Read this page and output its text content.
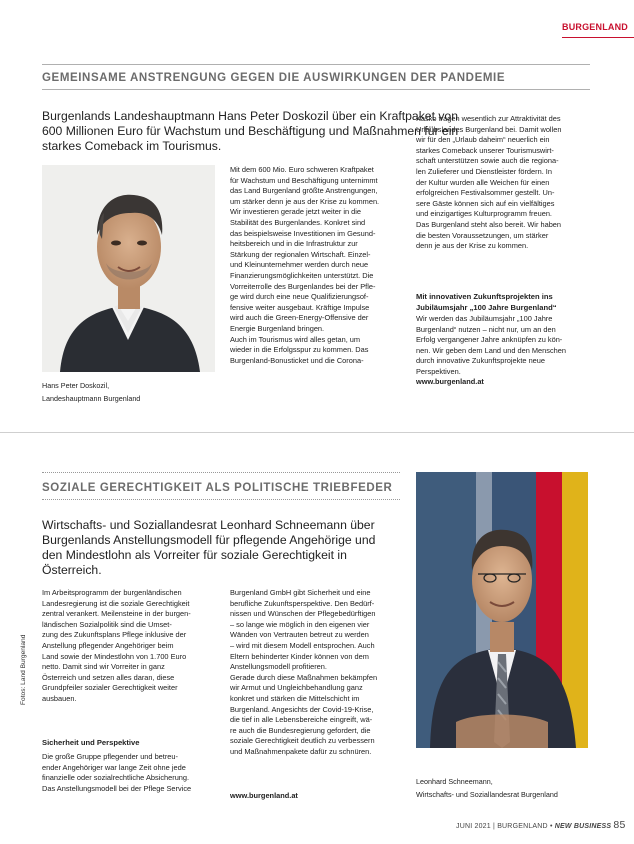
BURGENLAND
GEMEINSAME ANSTRENGUNG GEGEN DIE AUSWIRKUNGEN DER PANDEMIE
Burgenlands Landeshauptmann Hans Peter Doskozil über ein Kraftpaket von 600 Millionen Euro für Wachstum und Beschäftigung und Maßnahmen für ein starkes Comeback im Tourismus.
Hans Peter Doskozil,
Landeshauptmann Burgenland
Mit dem 600 Mio. Euro schweren Kraftpaket
für Wachstum und Beschäftigung unternimmt
das Land Burgenland größte Anstrengungen,
um stärker denn je aus der Krise zu kommen.
Wir investieren gerade jetzt weiter in die
Stabilität des Burgenlandes. Konkret sind
das beispielsweise Investitionen im Gesund-
heitsbereich und in die Infrastruktur zur
Stärkung der regionalen Wirtschaft. Einzel-
und Kleinunternehmer werden durch neue
Finanzierungsmöglichkeiten unterstützt. Die
Vorreiterrolle des Burgenlandes bei der Pfle-
ge wird durch eine neue Qualifizierungsof-
fensive weiter ausgebaut. Kräftige Impulse
wird auch die Green-Energy-Offensive der
Energie Burgenland bringen.
Auch im Tourismus wird alles getan, um
wieder in die Erfolgsspur zu kommen. Das
Burgenland-Bonusticket und die Corona-
Kasko tragen wesentlich zur Attraktivität des
Urlaubslandes Burgenland bei. Damit wollen
wir für den „Urlaub daheim“ neuerlich ein
starkes Comeback unserer Tourismuswirt-
schaft unterstützen sowie auch die regiona-
len Zulieferer und Dienstleister fördern. In
der Kultur wurden alle Weichen für einen
erfolgreichen Festivalsommer gestellt. Un-
sere Gäste können sich auf ein vielfältiges
und einzigartiges Kulturprogramm freuen.
Das Burgenland steht also bereit. Wir haben
die besten Voraussetzungen, um stärker
denn je aus der Krise zu kommen.
Mit innovativen Zukunftsprojekten ins
Jubiläumsjahr „100 Jahre Burgenland“
Wir werden das Jubiläumsjahr „100 Jahre
Burgenland“ nutzen – nicht nur, um an den
Erfolg vergangener Jahre anknüpfen zu kön-
nen. Wir geben dem Land und den Menschen
durch innovative Zukunftsprojekte neue
Perspektiven.
www.burgenland.at
SOZIALE GERECHTIGKEIT ALS POLITISCHE TRIEBFEDER
Wirtschafts- und Soziallandesrat Leonhard Schneemann über Burgenlands Anstellungsmodell für pflegende Angehörige und den Mindestlohn als Vorreiter für soziale Gerechtigkeit in Österreich.
Im Arbeitsprogramm der burgenländischen
Landesregierung ist die soziale Gerechtigkeit
zentral verankert. Meilensteine in der burgen-
ländischen Sozialpolitik sind die Umset-
zung des Zukunftsplans Pflege inklusive der
Anstellung pflegender Angehöriger beim
Land sowie der Mindestlohn von 1.700 Euro
netto. Damit sind wir Vorreiter in ganz
Österreich und setzen alles daran, diese
Grundpfeiler sozialer Gerechtigkeit weiter
ausbauen.
Sicherheit und Perspektive
Die große Gruppe pflegender und betreu-
ender Angehöriger war lange Zeit ohne jede
finanzielle oder sozialrechtliche Absicherung.
Das Anstellungsmodell bei der Pflege Service
Burgenland GmbH gibt Sicherheit und eine
berufliche Zukunftsperspektive. Den Bedürf-
nissen und Wünschen der Pflegebedürftigen
– so lange wie möglich in den eigenen vier
Wänden von Vertrauten betreut zu werden
– wird mit diesem Modell entsprochen. Auch
Eltern behinderter Kinder können von dem
Anstellungsmodell profitieren.
Gerade durch diese Maßnahmen bekämpfen
wir Armut und Ungleichbehandlung ganz
konkret und stärken die Mittelschicht im
Burgenland. Angesichts der Covid-19-Krise,
die tief in alle Lebensbereiche eingreift, wä-
re auch die Bundesregierung gefordert, die
soziale Gerechtigkeit deutlich zu verbessern
und Maßnahmenpakete dafür zu schnüren.
www.burgenland.at
Leonhard Schneemann,
Wirtschafts- und Soziallandesrat Burgenland
Fotos: Land Burgenland
JUNI 2021 | BURGENLAND • NEW BUSINESS 85
